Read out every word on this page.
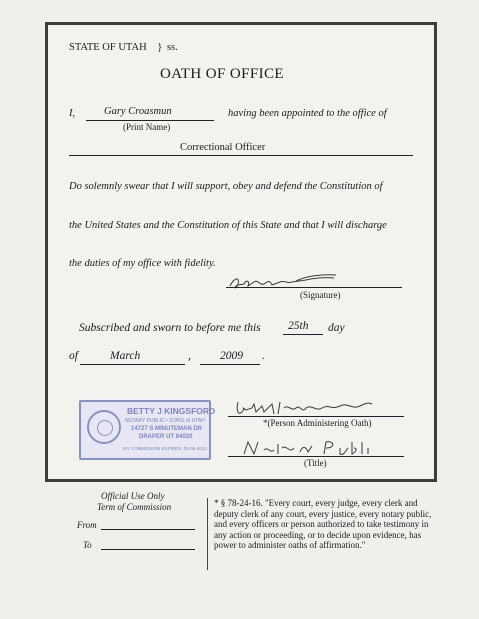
STATE OF UTAH } ss.
OATH OF OFFICE
I,	Gary Croasmun
(Print Name)
having been appointed to the office of
Correctional Officer
Do solemnly swear that I will support, obey and defend the Constitution of
the United States and the Constitution of this State and that I will discharge
the duties of my office with fidelity.
(Signature)
Subscribed and sworn to before me this 25th day
of	March	,	2009 .
BETTY J KINGSFORD
NOTARY PUBLIC • STATE of UTAH
14727 S MINUTEMAN DR
DRAPER UT 84020
MY COMMISSION EXPIRES: 05-05-2012
*(Person Administering Oath)
(Title)
Official Use Only
Term of Commission
From
To
* § 78-24-16. "Every court, every judge, every clerk and deputy clerk of any court, every justice, every notary public, and every officers or person authorized to take testimony in any action or proceeding, or to decide upon evidence, has power to administer oaths of affirmation."
